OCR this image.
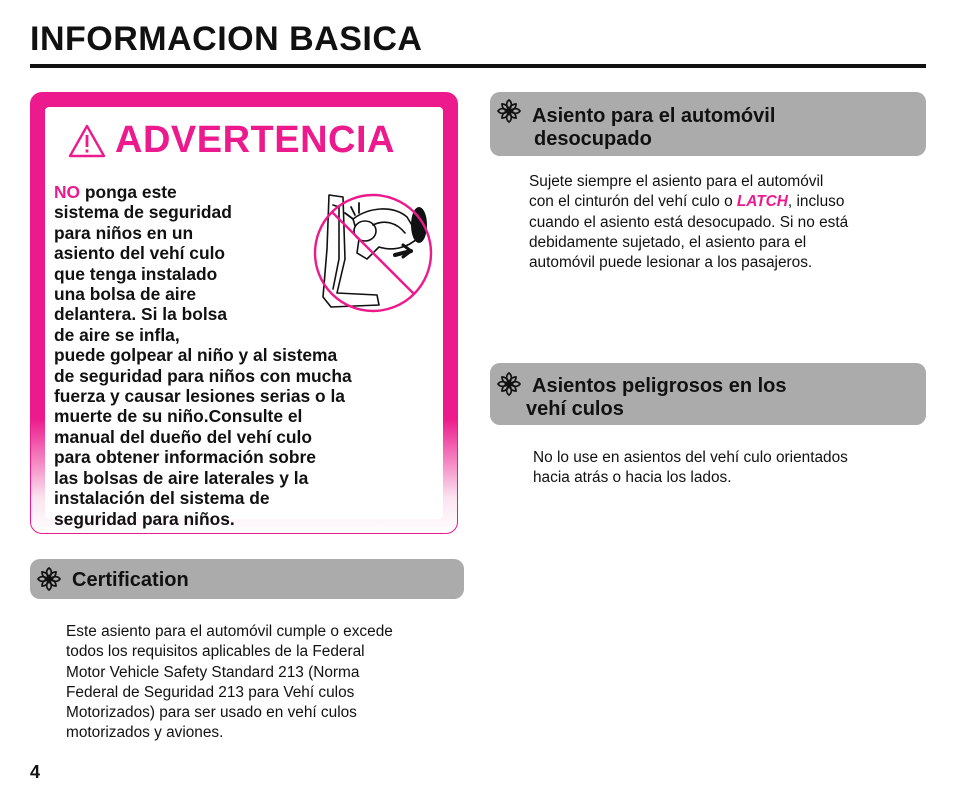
INFORMACION BASICA
ADVERTENCIA
NO ponga este
sistema de seguridad
para niños en un
asiento del vehí culo
que tenga instalado
una bolsa de aire
delantera. Si la bolsa
de aire se infla,
puede golpear al niño y al sistema
de seguridad para niños con mucha
fuerza y causar lesiones serias o la
muerte de su niño.Consulte el
manual del dueño del vehí culo
para obtener información sobre
las bolsas de aire laterales y la
instalación del sistema de
seguridad para niños.
Asiento para el automóvil
desocupado
Sujete siempre el asiento para el automóvil
con el cinturón del vehí culo o LATCH, incluso
cuando el asiento está desocupado. Si no está
debidamente sujetado, el asiento para el
automóvil puede lesionar a los pasajeros.
Asientos peligrosos en los
vehí culos
No lo use en asientos del vehí culo orientados
hacia atrás o hacia los lados.
Certification
Este asiento para el automóvil cumple o excede
todos los requisitos aplicables de la Federal
Motor Vehicle Safety Standard 213 (Norma
Federal de Seguridad 213 para Vehí culos
Motorizados) para ser usado en vehí culos
motorizados y aviones.
4
